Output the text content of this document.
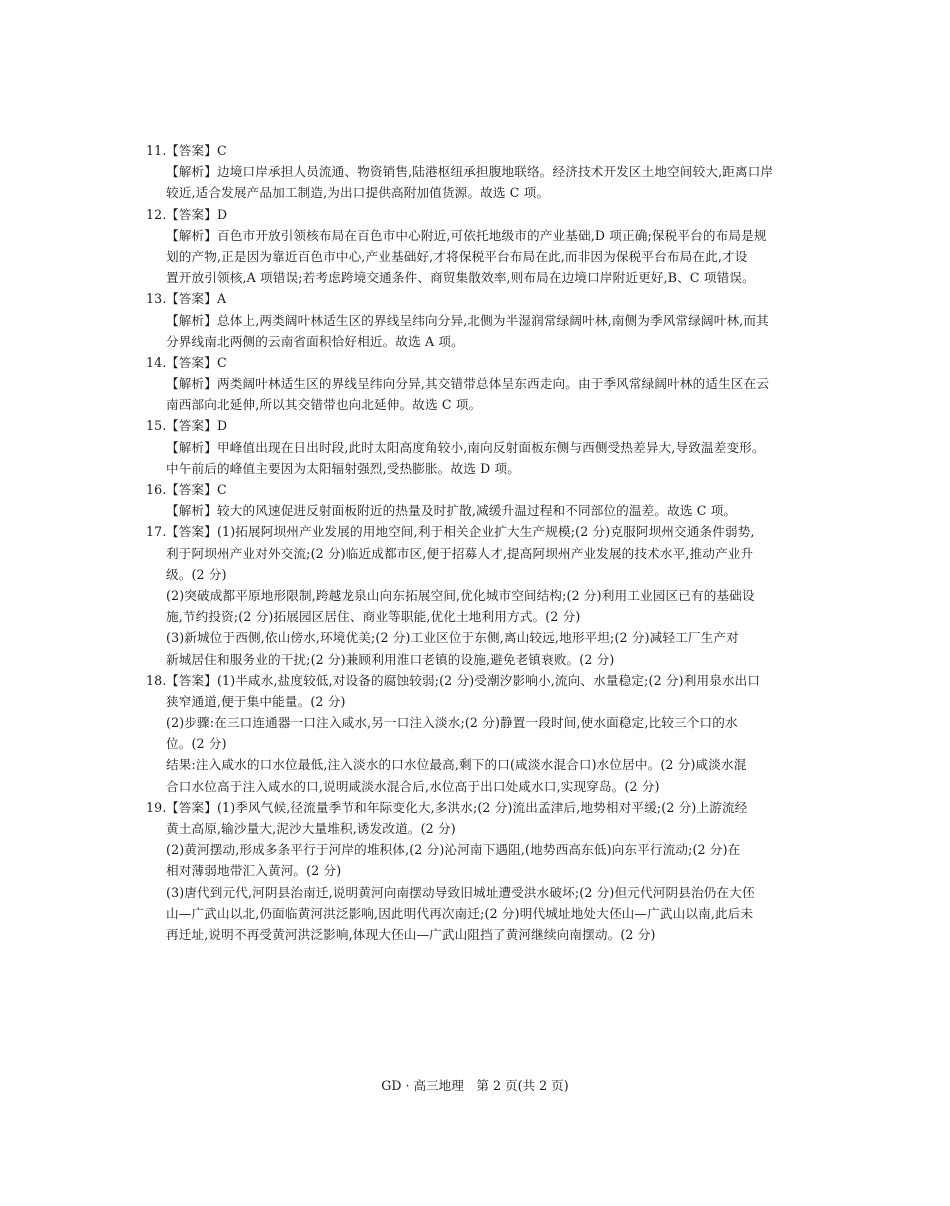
11. 【答案】C
【解析】边境口岸承担人员流通、物资销售,陆港枢纽承担腹地联络。经济技术开发区土地空间较大,距离口岸
较近,适合发展产品加工制造,为出口提供高附加值货源。故选 C 项。
12. 【答案】D
【解析】百色市开放引领核布局在百色市中心附近,可依托地级市的产业基础,D 项正确;保税平台的布局是规
划的产物,正是因为靠近百色市中心,产业基础好,才将保税平台布局在此,而非因为保税平台布局在此,才设
置开放引领核,A 项错误;若考虑跨境交通条件、商贸集散效率,则布局在边境口岸附近更好,B、C 项错误。
13. 【答案】A
【解析】总体上,两类阔叶林适生区的界线呈纬向分异,北侧为半湿润常绿阔叶林,南侧为季风常绿阔叶林,而其
分界线南北两侧的云南省面积恰好相近。故选 A 项。
14. 【答案】C
【解析】两类阔叶林适生区的界线呈纬向分异,其交错带总体呈东西走向。由于季风常绿阔叶林的适生区在云
南西部向北延伸,所以其交错带也向北延伸。故选 C 项。
15. 【答案】D
【解析】甲峰值出现在日出时段,此时太阳高度角较小,南向反射面板东侧与西侧受热差异大,导致温差变形。
中午前后的峰值主要因为太阳辐射强烈,受热膨胀。故选 D 项。
16. 【答案】C
【解析】较大的风速促进反射面板附近的热量及时扩散,减缓升温过程和不同部位的温差。故选 C 项。
17. 【答案】(1)拓展阿坝州产业发展的用地空间,利于相关企业扩大生产规模;(2 分)克服阿坝州交通条件弱势,
利于阿坝州产业对外交流;(2 分)临近成都市区,便于招募人才,提高阿坝州产业发展的技术水平,推动产业升
级。(2 分)
(2)突破成都平原地形限制,跨越龙泉山向东拓展空间,优化城市空间结构;(2 分)利用工业园区已有的基础设
施,节约投资;(2 分)拓展园区居住、商业等职能,优化土地利用方式。(2 分)
(3)新城位于西侧,依山傍水,环境优美;(2 分)工业区位于东侧,离山较远,地形平坦;(2 分)减轻工厂生产对
新城居住和服务业的干扰;(2 分)兼顾利用淮口老镇的设施,避免老镇衰败。(2 分)
18. 【答案】(1)半咸水,盐度较低,对设备的腐蚀较弱;(2 分)受潮汐影响小,流向、水量稳定;(2 分)利用泉水出口
狭窄通道,便于集中能量。(2 分)
(2)步骤:在三口连通器一口注入咸水,另一口注入淡水;(2 分)静置一段时间,使水面稳定,比较三个口的水
位。(2 分)
结果:注入咸水的口水位最低,注入淡水的口水位最高,剩下的口(咸淡水混合口)水位居中。(2 分)咸淡水混
合口水位高于注入咸水的口,说明咸淡水混合后,水位高于出口处咸水口,实现穿岛。(2 分)
19. 【答案】(1)季风气候,径流量季节和年际变化大,多洪水;(2 分)流出孟津后,地势相对平缓;(2 分)上游流经
黄土高原,输沙量大,泥沙大量堆积,诱发改道。(2 分)
(2)黄河摆动,形成多条平行于河岸的堆积体,(2 分)沁河南下遇阻,(地势西高东低)向东平行流动;(2 分)在
相对薄弱地带汇入黄河。(2 分)
(3)唐代到元代,河阴县治南迁,说明黄河向南摆动导致旧城址遭受洪水破坏;(2 分)但元代河阴县治仍在大伾
山—广武山以北,仍面临黄河洪泛影响,因此明代再次南迁;(2 分)明代城址地处大伾山—广武山以南,此后未
再迁址,说明不再受黄河洪泛影响,体现大伾山—广武山阻挡了黄河继续向南摆动。(2 分)
GD · 高三地理　第 2 页(共 2 页)
